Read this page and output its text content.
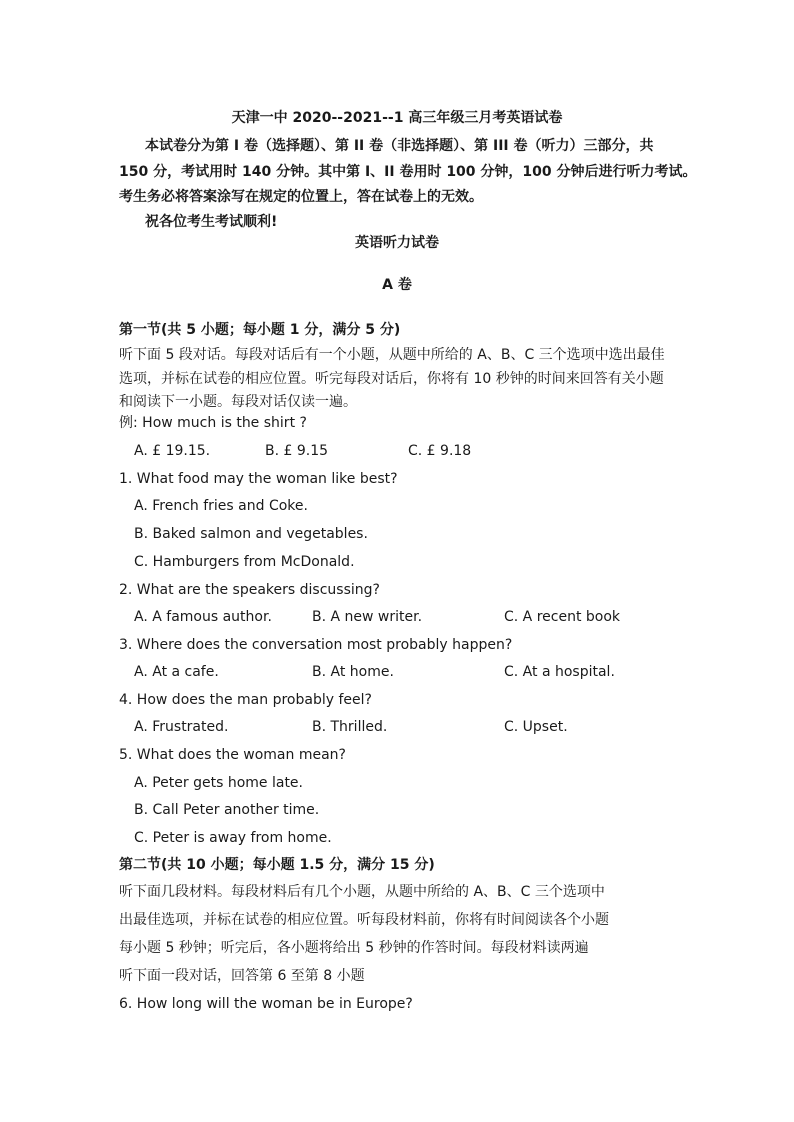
天津一中 2020--2021--1 高三年级三月考英语试卷
本试卷分为第 I 卷（选择题）、第 II 卷（非选择题）、第 III 卷（听力）三部分，共
150 分，考试用时 140 分钟。其中第 I、II 卷用时 100 分钟，100 分钟后进行听力考试。
考生务必将答案涂写在规定的位置上，答在试卷上的无效。
祝各位考生考试顺利!
英语听力试卷
A 卷
第一节(共 5 小题；每小题 1 分，满分 5 分)
听下面 5 段对话。每段对话后有一个小题，从题中所给的 A、B、C 三个选项中选出最佳
选项，并标在试卷的相应位置。听完每段对话后，你将有 10 秒钟的时间来回答有关小题
和阅读下一小题。每段对话仅读一遍。
例: How much is the shirt ?
A. £ 19.15.	B. £ 9.15	C. £ 9.18
1. What food may the woman like best?
A. French fries and Coke.
B. Baked salmon and vegetables.
C. Hamburgers from McDonald.
2. What are the speakers discussing?
A. A famous author.	B. A new writer.	C. A recent book
3. Where does the conversation most probably happen?
A. At a cafe.	B. At home.	C. At a hospital.
4. How does the man probably feel?
A. Frustrated.	B. Thrilled.	C. Upset.
5. What does the woman mean?
A. Peter gets home late.
B. Call Peter another time.
C. Peter is away from home.
第二节(共 10 小题；每小题 1.5 分，满分 15 分)
听下面几段材料。每段材料后有几个小题，从题中所给的 A、B、C 三个选项中
出最佳选项，并标在试卷的相应位置。听每段材料前，你将有时间阅读各个小题
每小题 5 秒钟；听完后，各小题将给出 5 秒钟的作答时间。每段材料读两遍
听下面一段对话，回答第 6 至第 8 小题
6. How long will the woman be in Europe?
